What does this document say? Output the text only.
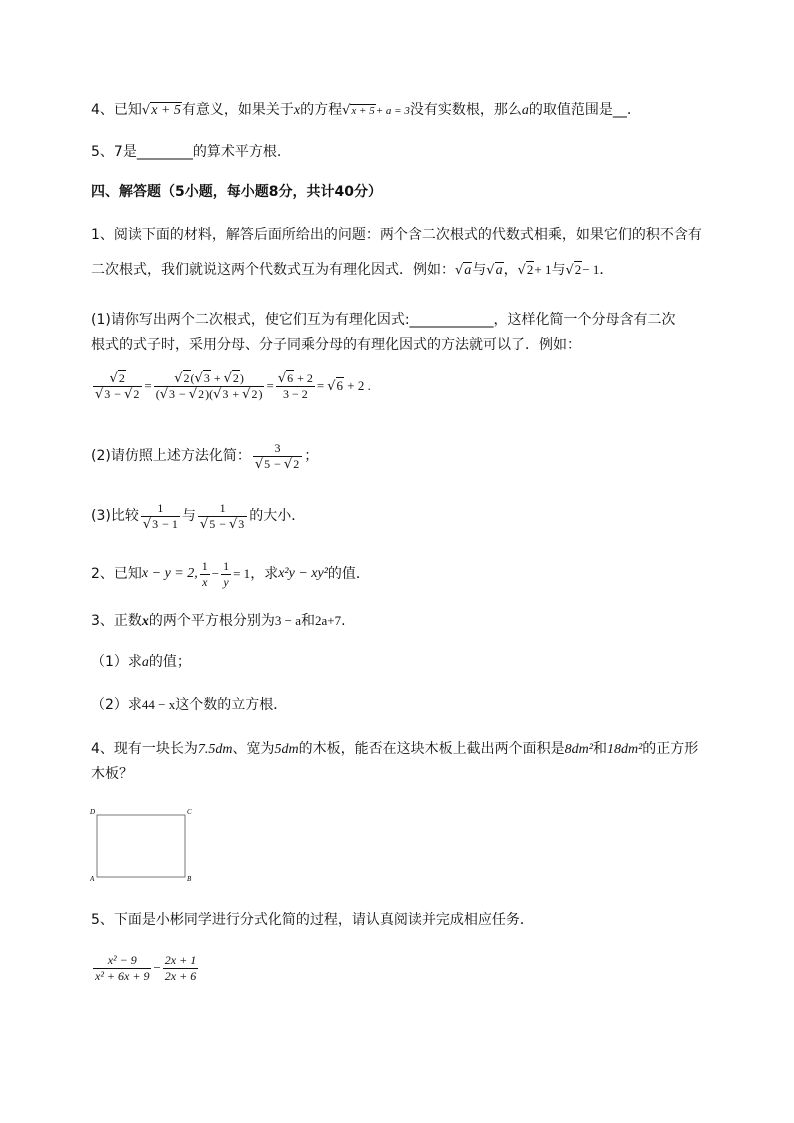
4、已知√x + 5有意义，如果关于x的方程√x + 5+ a = 3没有实数根，那么a的取值范围是__.
5、7是________的算术平方根.
四、解答题（5小题，每小题8分，共计40分）
1、阅读下面的材料，解答后面所给出的问题：两个含二次根式的代数式相乘，如果它们的积不含有
二次根式，我们就说这两个代数式互为有理化因式．例如：√a与√a，√2+ 1与√2− 1．
(1)请你写出两个二次根式，使它们互为有理化因式:____________，这样化简一个分母含有二次
根式的式子时，采用分母、分子同乘分母的有理化因式的方法就可以了．例如：
$\frac{√2}{√3 - √2} = \frac{√2(√3 + √2)}{(√3 - √2)(√3 + √2)} = \frac{√6 + 2}{3 - 2} = √6 + 2$ .
(2)请仿照上述方法化简： $\frac{3}{√5 - √2}$ ；
(3)比较 $\frac{1}{√3 - 1}$ 与 $\frac{1}{√5 - √3}$ 的大小．
2、已知 x − y = 2, $\frac{1}{x} - \frac{1}{y} = 1$ ，求 x²y − xy² 的值．
3、正数x的两个平方根分别为3 − a和2a+7.
（1）求a的值；
（2）求44 − x这个数的立方根．
4、现有一块长为7.5dm、宽为5dm的木板，能否在这块木板上截出两个面积是8dm²和18dm²的正方形
木板？
D	C
A	B
5、下面是小彬同学进行分式化简的过程，请认真阅读并完成相应任务．
$\frac{\text{x² − 9}}{\text{x² + 6x + 9}} - \frac{2x + 1}{2x + 6}$
